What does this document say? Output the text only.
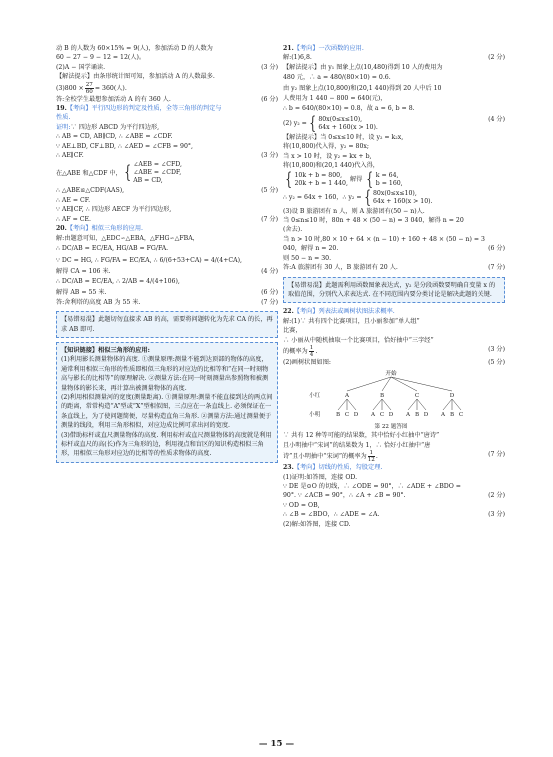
动 B 的人数为 60×15% = 9(人)，参加活动 D 的人数为
60 − 27 − 9 − 12 = 12(人)。
(2)A − 国学诵读.	(3 分)
【解法提示】由条形统计图可知，参加活动 A 的人数最多.
$(3)800 \times \frac{27}{60} = 360$(人).
答:全校学生最想参加活动 A 的有 360 人.	(6 分)
19.【考向】平行四边形的判定及性质，全等三角形的判定与
性质.
证明:∵ 四边形 ABCD 为平行四边形,
∴ AB = CD, AB∥CD, ∴ ∠ABE = ∠CDF.
∵ AE⊥BD, CF⊥BD, ∴ ∠AED = ∠CFB = 90°,
∴ AE∥CF.	(3 分)
在△ABE 和△CDF 中， { ∠AEB = ∠CFD,
∠ABE = ∠CDF,
AB = CD,
∴ △ABE≌△CDF(AAS),	(5 分)
∴ AE = CF.
∵ AE∥CF, ∴ 四边形 AECF 为平行四边形,
∴ AF = CE.	(7 分)
20.【考向】相似三角形的应用.
解:由题意可知，△EDC∽△EBA，△FHG∽△FBA，
∴ DC/AB = EC/EA, HG/AB = FG/FA.
∵ DC = HG, ∴ FG/FA = EC/EA, ∴ 6/(6+53+CA) = 4/(4+CA),
解得 CA = 106 米.	(4 分)
∴ DC/AB = EC/EA, ∴ 2/AB = 4/(4+106),
解得 AB = 55 米.	(6 分)
答:舍利塔的高度 AB 为 55 米.	(7 分)
【易错易混】此题切勿直接求 AB 的高，需要将问题转化为先求 CA 的长，再求 AB 即可.
【知识链接】相似三角形的应用:
(1)利用影长测量物体的高度. ①测量原理:测量不能到达顶部的物体的高度，通常利用相似三角形的性质即相似三角形的对应边的比相等和“在同一时刻物高与影长的比相等”的原理解决. ②测量方法:在同一时刻测量出参照物和被测量物体的影长来，再计算出被测量物体的高度.
(2)利用相似测量河的宽度(测量距离). ①测量原理:测量不能直接到达的两点间的距离，常常构造“A”型或“X”型相似图，三点应在一条直线上. 必须保证在一条直线上，为了使问题简便，尽量构造直角三角形. ②测量方法:通过测量便于测量的线段，利用三角形相似，对应边成比例可求出河的宽度.
(3)借助标杆或直尺测量物体的高度. 利用标杆或直尺测量物体的高度就是利用标杆或直尺的高(长)作为三角形的边，利用视点和盲区的知识构造相似三角形，用相似三角形对应边的比相等的性质求物体的高度.
21.【考向】一次函数的应用.
解:(1)6,8.	(2 分)
【解法提示】由 y₁ 图象上点(10,480)得到 10 人的费用为
480 元，∴ a = 480/(80×10) = 0.6.
由 y₂ 图象上点(10,800)和(20,1 440)得到 20 人中后 10
人费用为 1 440 − 800 = 640(元)，
∴ b = 640/(80×10) = 0.8，故 a = 6, b = 8.
(2) y₂ = { 80x(0≤x≤10),
64x + 160(x > 10).
(4 分)
【解法提示】当 0≤x≤10 时，设 y₂ = k₂x,
将(10,800)代入得，y₂ = 80x;
当 x > 10 时，设 y₂ = kx + b,
将(10,800)和(20,1 440)代入得，
{ 10k + b = 800,
20k + b = 1 440,
解得 { k = 64,
b = 160,
∴ y₂ = 64x + 160，∴ y₂ = { 80x(0≤x≤10),
64x + 160(x > 10).
(3)设 B 旅游团有 n 人，则 A 旅游团有(50 − n)人.
当 0≤n≤10 时，80n + 48 × (50 − n) = 3 040，解得 n = 20
(舍去).
当 n > 10 时,80 × 10 + 64 × (n − 10) + 160 + 48 × (50 − n) = 3
040，解得 n = 20.	(6 分)
则 50 − n = 30.
答:A 旅游团有 30 人，B 旅游团有 20 人.	(7 分)
【易错易混】此题需利用函数图象表达式，y₂ 是分段函数要明确自变量 x 的取值范围，分别代入求表达式. 在不同范围内要分类讨论是解决此题的关键.
22.【考向】列表法或画树状图法求概率.
解:(1)∵ 共有四个比赛项目，且小丽参加“单人组”
比赛，
∴ 小丽从中随机抽取一个比赛项目，恰好抽中“三字经”
的概率为 $\frac{1}{4}$ .	(3 分)
(2)画树状图如图:	(5 分)
开始
小红
小明
A	B	C	D
B C D A C D A B D A B C
第 22 题答图
∵ 共有 12 种等可能的结果数，其中恰好小红抽中“唐诗”
且小明抽中“宋词”的结果数为 1，∴ 恰好小红抽中“唐
诗”且小明抽中“宋词”的概率为 $\frac{1}{12}$ .	(7 分)
23.【考向】切线的性质，勾股定理.
(1)证明:如答图，连接 OD.
∵ DE 是⊙O 的切线，∴ ∠ODE = 90°，∴ ∠ADE + ∠BDO =
90°. ∵ ∠ACB = 90°，∴ ∠A + ∠B = 90°.	(2 分)
∵ OD = OB,
∴ ∠B = ∠BDO，∴ ∠ADE = ∠A.	(3 分)
(2)解:如答图，连接 CD.
— 15 —
